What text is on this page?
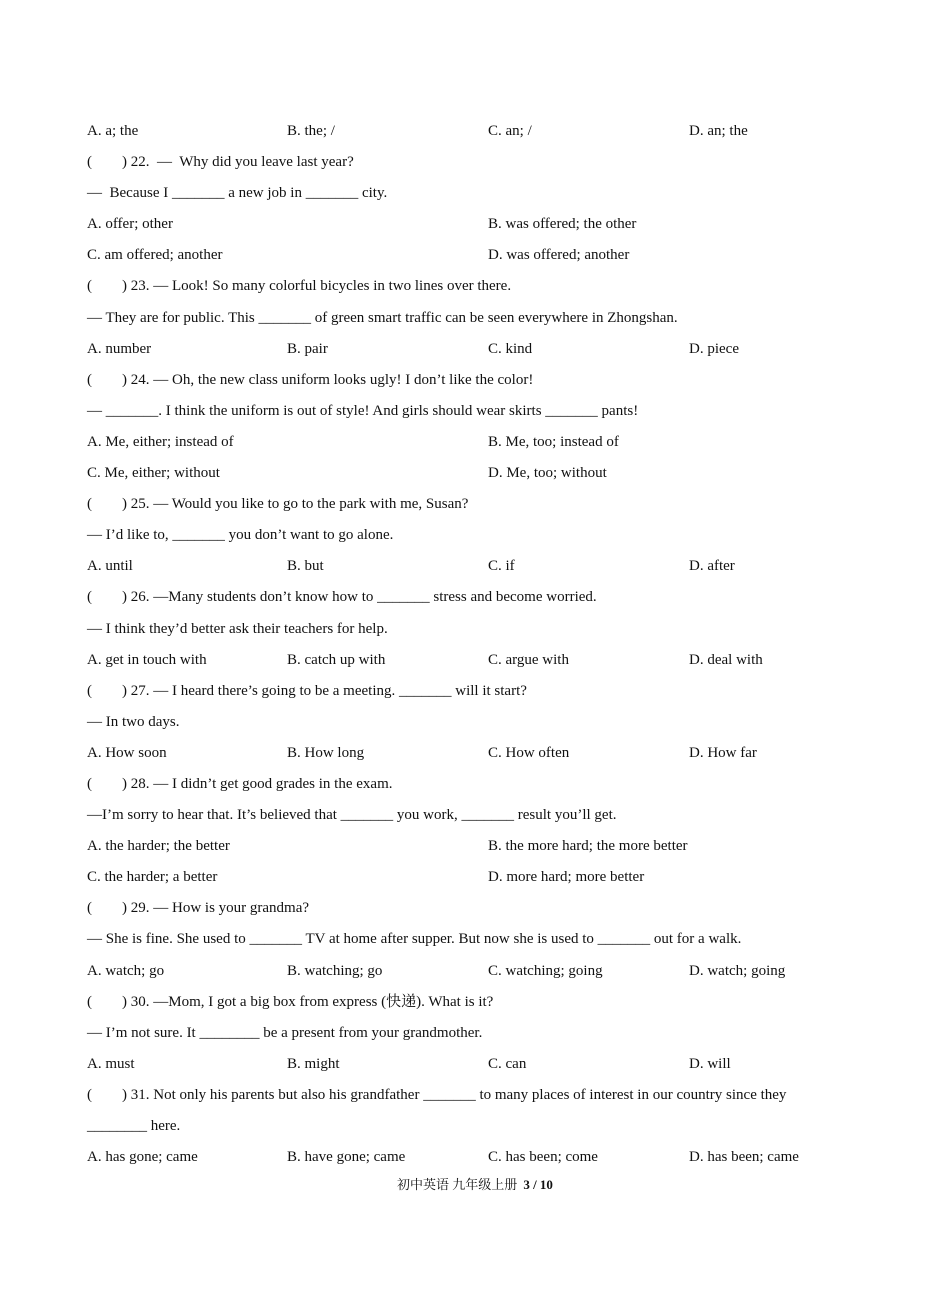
A. a; the	B. the; /	C. an; /	D. an; the
(        ) 22.  —  Why did you leave last year?
—  Because I _______ a new job in _______ city.
A. offer; other	B. was offered; the other
C. am offered; another	D. was offered; another
(        ) 23. — Look! So many colorful bicycles in two lines over there.
— They are for public. This _______ of green smart traffic can be seen everywhere in Zhongshan.
A. number	B. pair	C. kind	D. piece
(        ) 24. — Oh, the new class uniform looks ugly! I don’t like the color!
— _______. I think the uniform is out of style! And girls should wear skirts _______ pants!
A. Me, either; instead of	B. Me, too; instead of
C. Me, either; without	D. Me, too; without
(        ) 25. — Would you like to go to the park with me, Susan?
— I’d like to, _______ you don’t want to go alone.
A. until	B. but	C. if	D. after
(        ) 26. —Many students don’t know how to _______ stress and become worried.
— I think they’d better ask their teachers for help.
A. get in touch with	B. catch up with	C. argue with	D. deal with
(        ) 27. — I heard there’s going to be a meeting. _______ will it start?
— In two days.
A. How soon	B. How long	C. How often	D. How far
(        ) 28. — I didn’t get good grades in the exam.
—I’m sorry to hear that. It’s believed that _______ you work, _______ result you’ll get.
A. the harder; the better	B. the more hard; the more better
C. the harder; a better	D. more hard; more better
(        ) 29. — How is your grandma?
— She is fine. She used to _______ TV at home after supper. But now she is used to _______ out for a walk.
A. watch; go	B. watching; go	C. watching; going	D. watch; going
(        ) 30. —Mom, I got a big box from express (快递). What is it?
— I’m not sure. It ________ be a present from your grandmother.
A. must	B. might	C. can	D. will
(        ) 31. Not only his parents but also his grandfather _______ to many places of interest in our country since they
________ here.
A. has gone; came	B. have gone; came	C. has been; come	D. has been; came
初中英语 九年级上册 3 / 10
